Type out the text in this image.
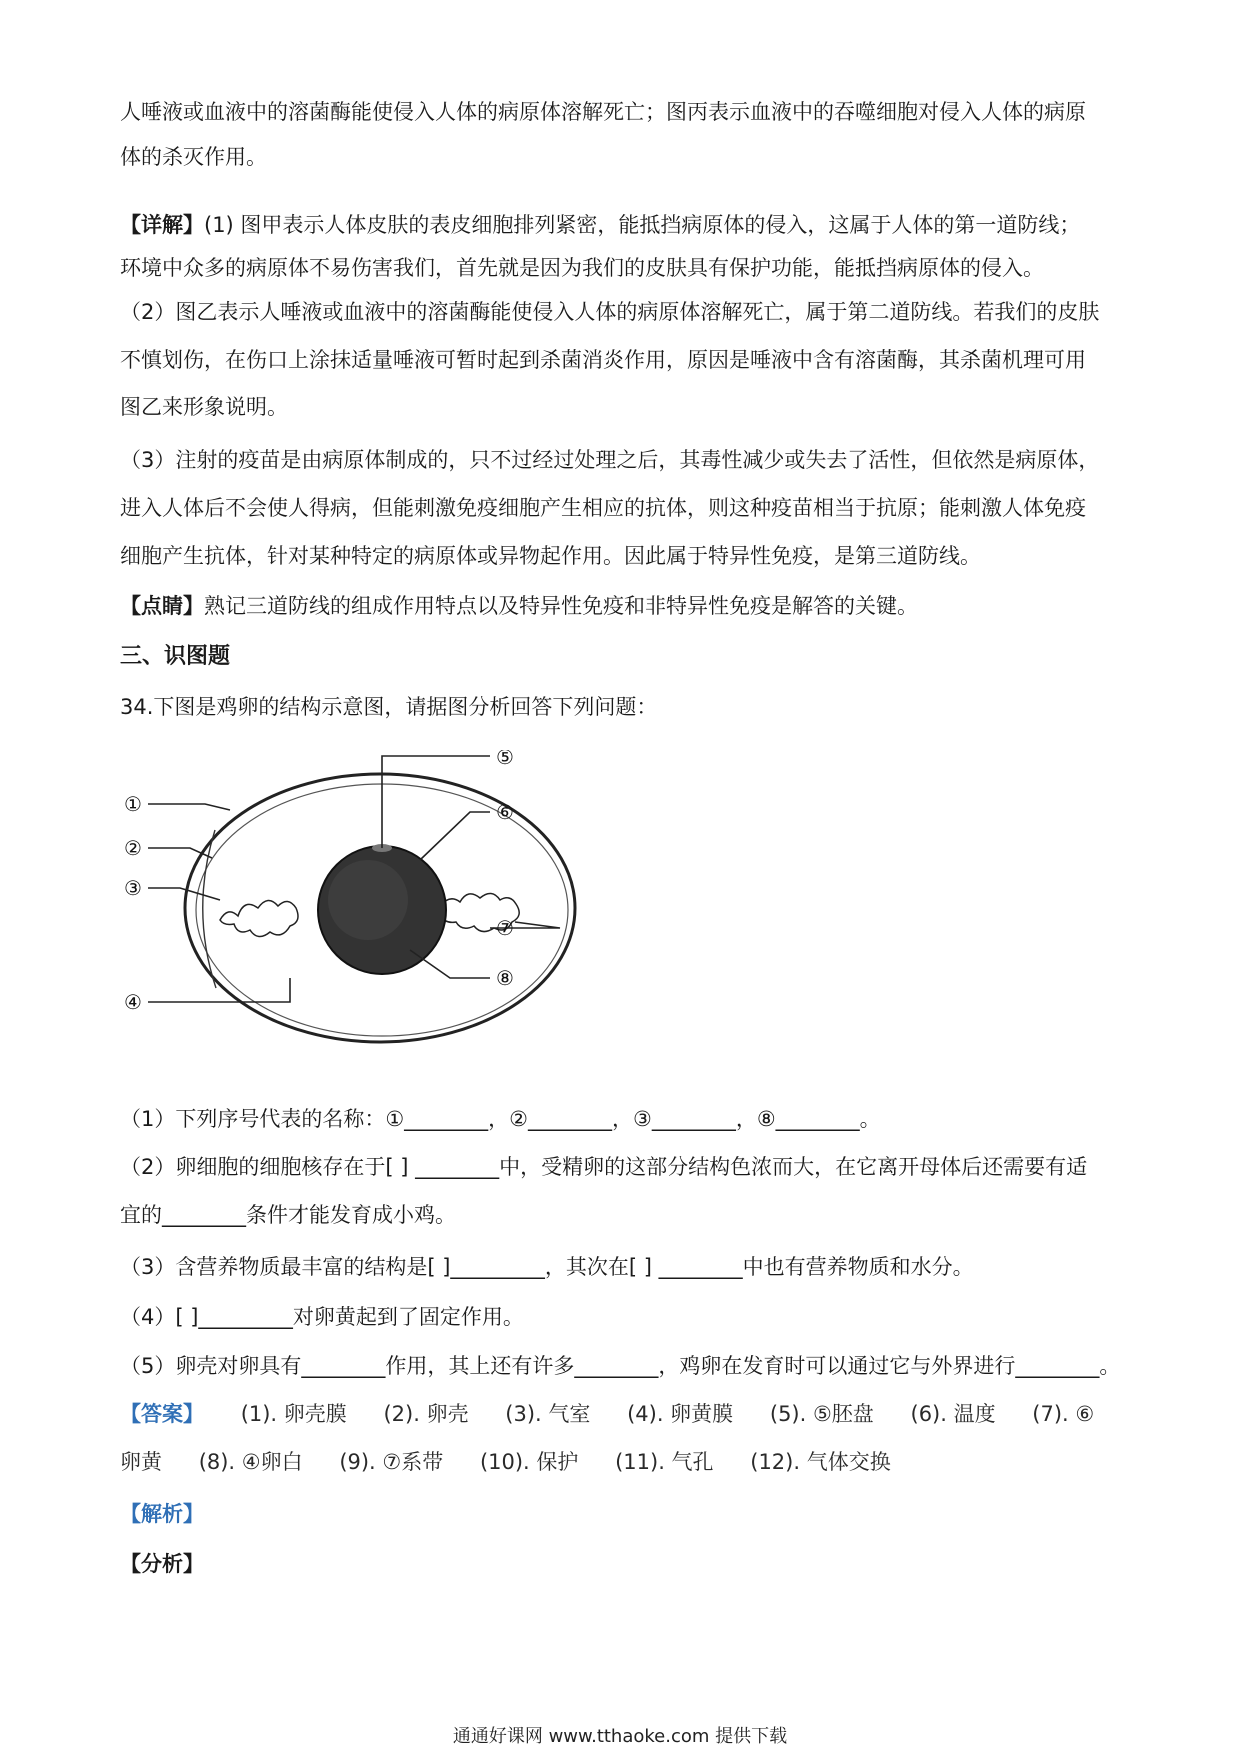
人唾液或血液中的溶菌酶能使侵入人体的病原体溶解死亡；图丙表示血液中的吞噬细胞对侵入人体的病原
体的杀灭作用。
【详解】(1) 图甲表示人体皮肤的表皮细胞排列紧密，能抵挡病原体的侵入，这属于人体的第一道防线；
环境中众多的病原体不易伤害我们，首先就是因为我们的皮肤具有保护功能，能抵挡病原体的侵入。
（2）图乙表示人唾液或血液中的溶菌酶能使侵入人体的病原体溶解死亡，属于第二道防线。若我们的皮肤
不慎划伤，在伤口上涂抹适量唾液可暂时起到杀菌消炎作用，原因是唾液中含有溶菌酶，其杀菌机理可用
图乙来形象说明。
（3）注射的疫苗是由病原体制成的，只不过经过处理之后，其毒性减少或失去了活性，但依然是病原体，
进入人体后不会使人得病，但能刺激免疫细胞产生相应的抗体，则这种疫苗相当于抗原；能刺激人体免疫
细胞产生抗体，针对某种特定的病原体或异物起作用。因此属于特异性免疫，是第三道防线。
【点睛】熟记三道防线的组成作用特点以及特异性免疫和非特异性免疫是解答的关键。
三、识图题
34.下图是鸡卵的结构示意图，请据图分析回答下列问题：
①
②
③
④
⑤
⑥
⑦
⑧
（1）下列序号代表的名称：①________，②________，③________，⑧________。
（2）卵细胞的细胞核存在于[ ] ________中，受精卵的这部分结构色浓而大，在它离开母体后还需要有适
宜的________条件才能发育成小鸡。
（3）含营养物质最丰富的结构是[ ]_________，其次在[ ] ________中也有营养物质和水分。
（4）[ ]_________对卵黄起到了固定作用。
（5）卵壳对卵具有________作用，其上还有许多________，鸡卵在发育时可以通过它与外界进行________。
【答案】 (1). 卵壳膜 (2). 卵壳 (3). 气室 (4). 卵黄膜 (5). ⑤胚盘 (6). 温度 (7). ⑥
卵黄 (8). ④卵白 (9). ⑦系带 (10). 保护 (11). 气孔 (12). 气体交换
【解析】
【分析】
通通好课网 www.tthaoke.com 提供下载
